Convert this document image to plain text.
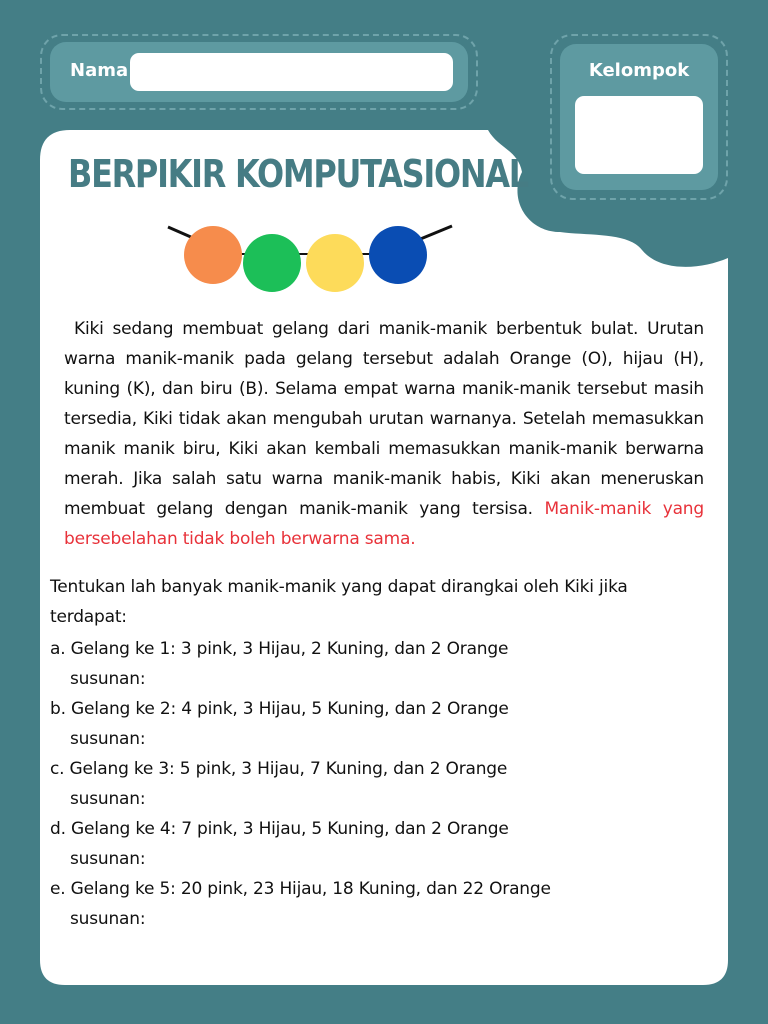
Nama	Kelompok
BERPIKIR KOMPUTASIONAL

Kiki sedang membuat gelang dari manik-manik berbentuk bulat. Urutan warna manik-manik pada gelang tersebut adalah Orange (O), hijau (H), kuning (K), dan biru (B). Selama empat warna manik-manik tersebut masih tersedia, Kiki tidak akan mengubah urutan warnanya. Setelah memasukkan manik manik biru, Kiki akan kembali memasukkan manik-manik berwarna merah. Jika salah satu warna manik-manik habis, Kiki akan meneruskan membuat gelang dengan manik-manik yang tersisa. Manik-manik yang bersebelahan tidak boleh berwarna sama.

Tentukan lah banyak manik-manik yang dapat dirangkai oleh Kiki jika terdapat:

a. Gelang ke 1: 3 pink, 3 Hijau, 2 Kuning, dan 2 Orange
susunan:
b. Gelang ke 2: 4 pink, 3 Hijau, 5 Kuning, dan 2 Orange
susunan:
c. Gelang ke 3: 5 pink, 3 Hijau, 7 Kuning, dan 2 Orange
susunan:
d. Gelang ke 4: 7 pink, 3 Hijau, 5 Kuning, dan 2 Orange
susunan:
e. Gelang ke 5: 20 pink, 23 Hijau, 18 Kuning, dan 22 Orange
susunan:
